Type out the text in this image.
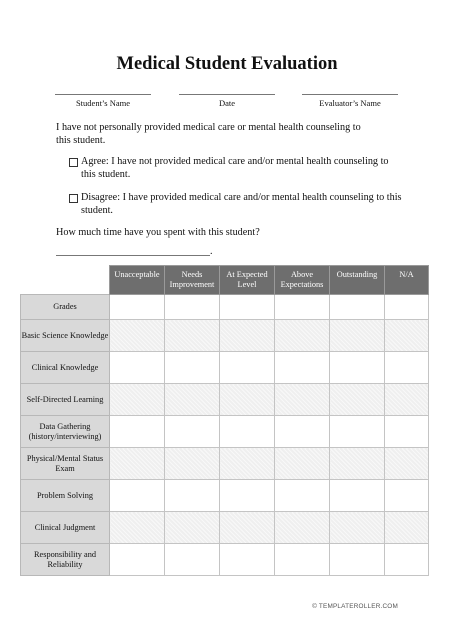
Medical Student Evaluation
Student’s Name	Date	Evaluator’s Name
I have not personally provided medical care or mental health counseling to this student.
Agree: I have not provided medical care and/or mental health counseling to this student.
Disagree: I have provided medical care and/or mental health counseling to this student.
How much time have you spent with this student?
.
	Unacceptable	Needs Improvement	At Expected Level	Above Expectations	Outstanding	N/A
Grades						
Basic Science Knowledge						
Clinical Knowledge						
Self-Directed Learning						
Data Gathering (history/interviewing)						
Physical/Mental Status Exam						
Problem Solving						
Clinical Judgment						
Responsibility and Reliability						
© TEMPLATEROLLER.COM
